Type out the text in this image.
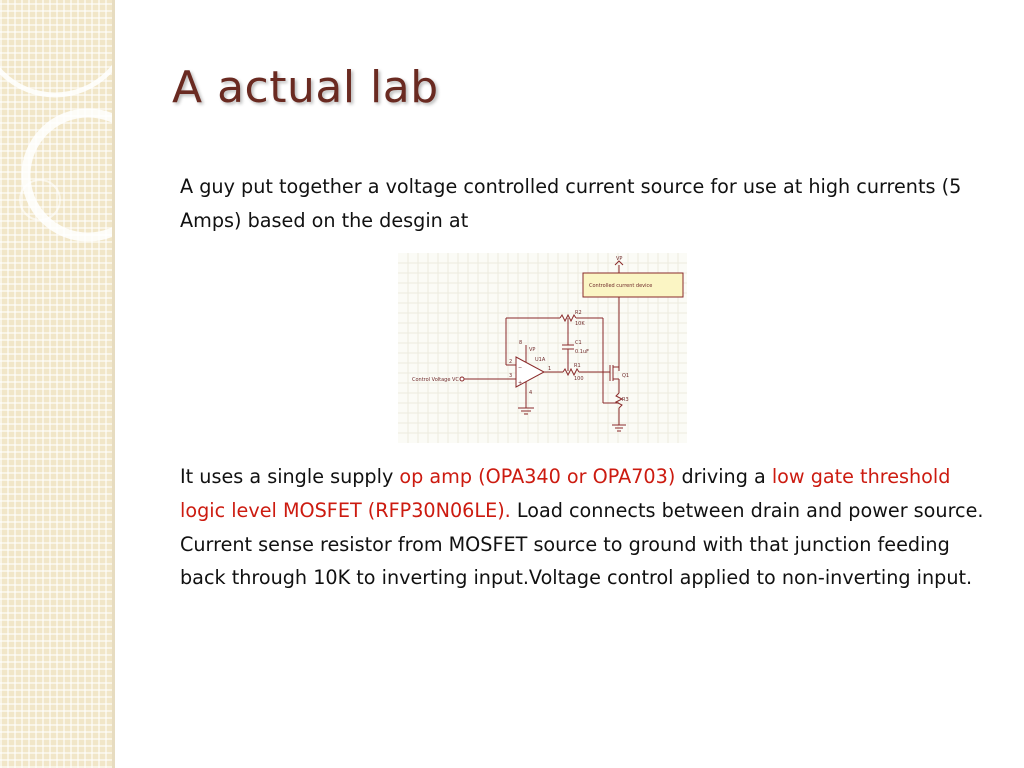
A actual lab

A guy put together a voltage controlled current source for use at high currents (5 Amps) based on the desgin at

VP
Controlled current device
R2
10K
C1
0.1uF
8
VP
U1A
2
3
1
4
−
+
R1
100	Q1
R3
Control Voltage VC

It uses a single supply op amp (OPA340 or OPA703) driving a low gate threshold logic level MOSFET (RFP30N06LE). Load connects between drain and power source. Current sense resistor from MOSFET source to ground with that junction feeding back through 10K to inverting input.Voltage control applied to non-inverting input.
